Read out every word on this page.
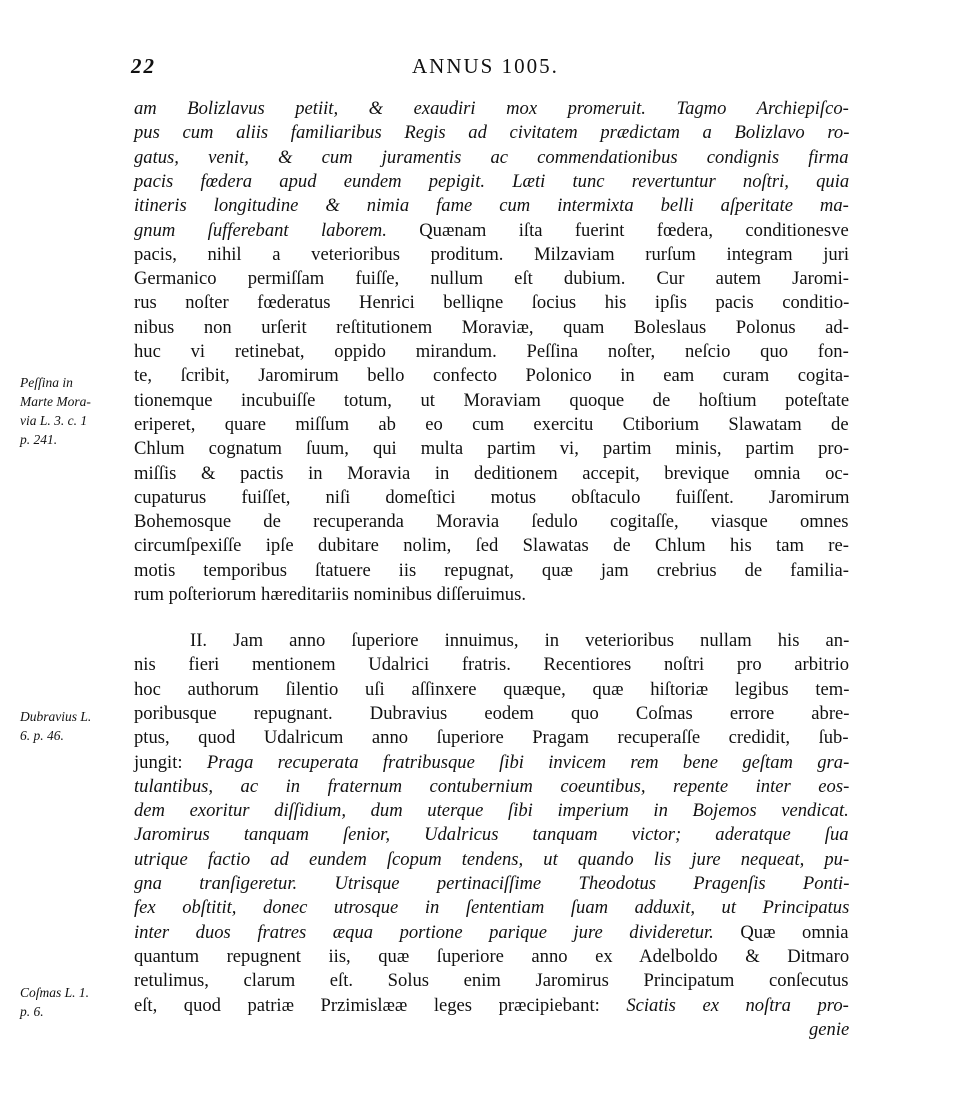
22	ANNUS 1005.
am Bolizlavus petiit, & exaudiri mox promeruit. Tagmo Archiepiſco-
pus cum aliis familiaribus Regis ad civitatem prædictam a Bolizlavo ro-
gatus, venit, & cum juramentis ac commendationibus condignis firma
pacis fœdera apud eundem pepigit. Læti tunc revertuntur noſtri, quia
itineris longitudine & nimia fame cum intermixta belli aſperitate ma-
gnum ſufferebant laborem. Quænam iſta fuerint fœdera, conditionesve
pacis, nihil a veterioribus proditum. Milzaviam rurſum integram juri
Germanico permiſſam fuiſſe, nullum eſt dubium. Cur autem Jaromi-
rus noſter fœderatus Henrici belliqne ſocius his ipſis pacis conditio-
nibus non urſerit reſtitutionem Moraviæ, quam Boleslaus Polonus ad-
huc vi retinebat, oppido mirandum. Peſſina noſter, neſcio quo fon-
te, ſcribit, Jaromirum bello confecto Polonico in eam curam cogita-
tionemque incubuiſſe totum, ut Moraviam quoque de hoſtium poteſtate
eriperet, quare miſſum ab eo cum exercitu Ctiborium Slawatam de
Chlum cognatum ſuum, qui multa partim vi, partim minis, partim pro-
miſſis & pactis in Moravia in deditionem accepit, brevique omnia oc-
cupaturus fuiſſet, niſi domeſtici motus obſtaculo fuiſſent. Jaromirum
Bohemosque de recuperanda Moravia ſedulo cogitaſſe, viasque omnes
circumſpexiſſe ipſe dubitare nolim, ſed Slawatas de Chlum his tam re-
motis temporibus ſtatuere iis repugnat, quæ jam crebrius de familia-
rum poſteriorum hæreditariis nominibus diſſeruimus.
II. Jam anno ſuperiore innuimus, in veterioribus nullam his an-
nis fieri mentionem Udalrici fratris. Recentiores noſtri pro arbitrio
hoc authorum ſilentio uſi aſſinxere quæque, quæ hiſtoriæ legibus tem-
poribusque repugnant. Dubravius eodem quo Coſmas errore abre-
ptus, quod Udalricum anno ſuperiore Pragam recuperaſſe credidit, ſub-
jungit: Praga recuperata fratribusque ſibi invicem rem bene geſtam gra-
tulantibus, ac in fraternum contubernium coeuntibus, repente inter eos-
dem exoritur diſſidium, dum uterque ſibi imperium in Bojemos vendicat.
Jaromirus tanquam ſenior, Udalricus tanquam victor; aderatque ſua
utrique factio ad eundem ſcopum tendens, ut quando lis jure nequeat, pu-
gna tranſigeretur. Utrisque pertinaciſſime Theodotus Pragenſis Ponti-
fex obſtitit, donec utrosque in ſententiam ſuam adduxit, ut Principatus
inter duos fratres æqua portione parique jure divideretur. Quæ omnia
quantum repugnent iis, quæ ſuperiore anno ex Adelboldo & Ditmaro
retulimus, clarum eſt. Solus enim Jaromirus Principatum conſecutus
eſt, quod patriæ Przimislææ leges præcipiebant: Sciatis ex noſtra pro-
genie
Peſſina in
Marte Mora-
via L. 3. c. 1
p. 241.
Dubravius L.
6. p. 46.
Coſmas L. 1.
p. 6.
